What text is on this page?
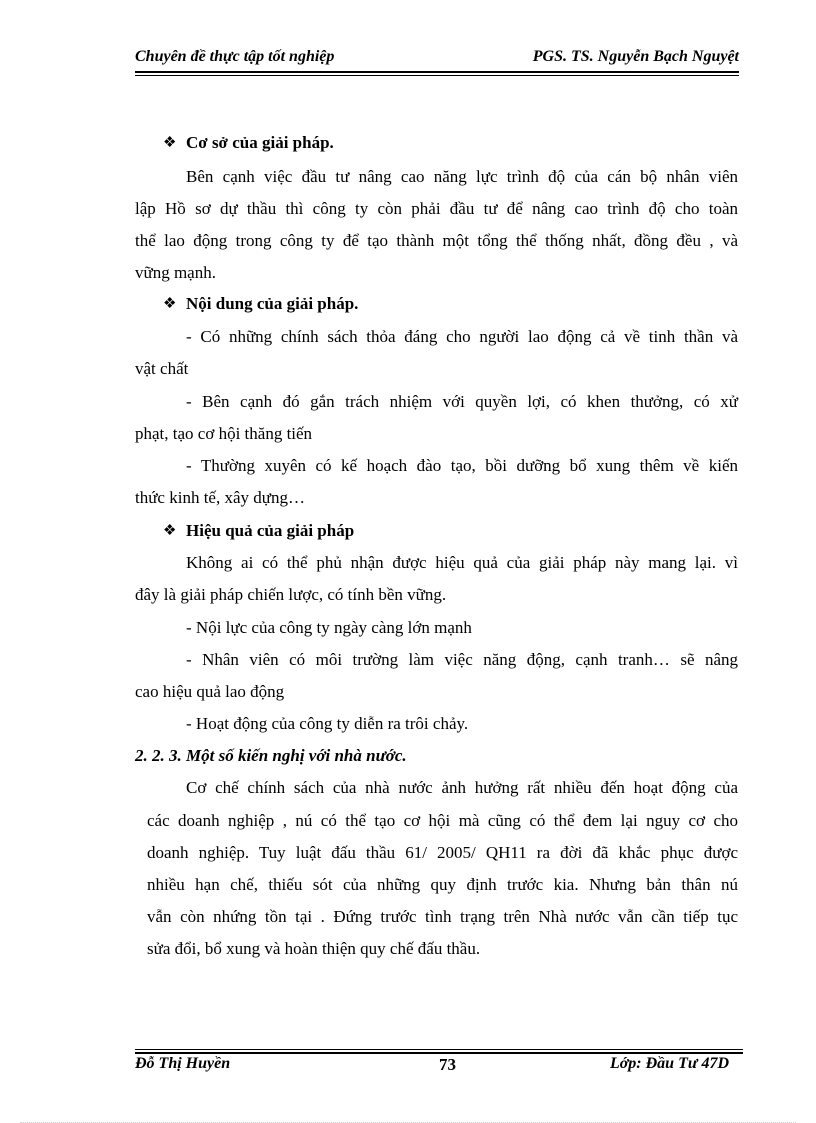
Chuyên đề thực tập tốt nghiệp	PGS. TS. Nguyễn Bạch Nguyệt
❖ Cơ sở của giải pháp.
Bên cạnh việc đầu tư nâng cao năng lực trình độ của cán bộ nhân viên
lập Hồ sơ dự thầu thì công ty còn phải đầu tư để nâng cao trình độ cho toàn
thể lao động trong công ty để tạo thành một tổng thể thống nhất, đồng đều , và
vững mạnh.
❖ Nội dung của giải pháp.
- Có những chính sách thỏa đáng cho người lao động cả về tinh thần và
vật chất
- Bên cạnh đó gắn trách nhiệm với quyền lợi, có khen thưởng, có xử
phạt, tạo cơ hội thăng tiến
- Thường xuyên có kế hoạch đào tạo, bồi dưỡng bổ xung thêm về kiến
thức kinh tế, xây dựng…
❖ Hiệu quả của giải pháp
Không ai có thể phủ nhận được hiệu quả của giải pháp này mang lại. vì
đây là giải pháp chiến lược, có tính bền vững.
- Nội lực của công ty ngày càng lớn mạnh
- Nhân viên có môi trường làm việc năng động, cạnh tranh… sẽ nâng
cao hiệu quả lao động
- Hoạt động của công ty diễn ra trôi chảy.
2. 2. 3. Một số kiến nghị với nhà nước.
Cơ chế chính sách của nhà nước ảnh hưởng rất nhiều đến hoạt động của
các doanh nghiệp , nú có thể tạo cơ hội mà cũng có thể đem lại nguy cơ cho
doanh nghiệp. Tuy luật đấu thầu 61/ 2005/ QH11 ra đời đã khắc phục được
nhiều hạn chế, thiếu sót của những quy định trước kia. Nhưng bản thân nú
vẫn còn nhứng tồn tại . Đứng trước tình trạng trên Nhà nước vẫn cần tiếp tục
sửa đổi, bổ xung và hoàn thiện quy chế đấu thầu.
Đỗ Thị Huyền	73	Lớp: Đầu Tư 47D
